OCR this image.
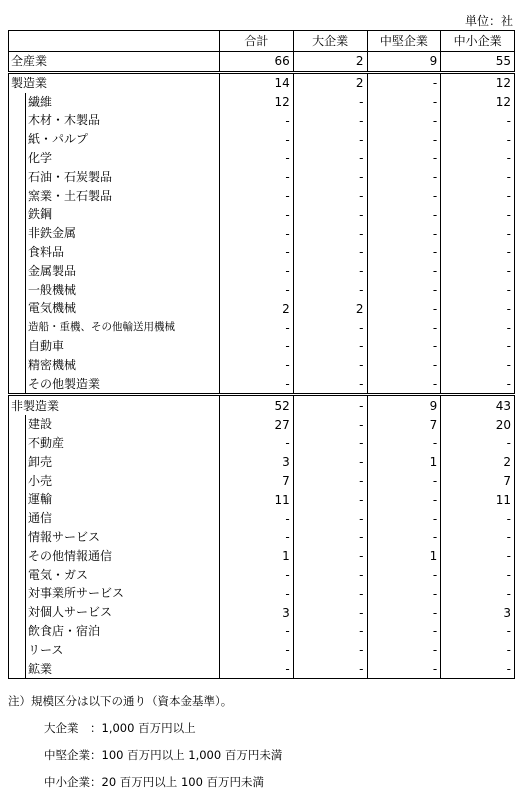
単位：社
	合計	大企業	中堅企業	中小企業
全産業	66	2	9	55
製造業	14	2	-	12

繊維	12	-	-	12

木材・木製品	-	-	-	-

紙・パルプ	-	-	-	-

化学	-	-	-	-

石油・石炭製品	-	-	-	-

窯業・土石製品	-	-	-	-

鉄鋼	-	-	-	-

非鉄金属	-	-	-	-

食料品	-	-	-	-

金属製品	-	-	-	-

一般機械	-	-	-	-

電気機械	2	2	-	-

造船・重機、その他輸送用機械	-	-	-	-

自動車	-	-	-	-

精密機械	-	-	-	-

その他製造業	-	-	-	-
非製造業	52	-	9	43

建設	27	-	7	20

不動産	-	-	-	-

卸売	3	-	1	2

小売	7	-	-	7

運輸	11	-	-	11

通信	-	-	-	-

情報サービス	-	-	-	-

その他情報通信	1	-	1	-

電気・ガス	-	-	-	-

対事業所サービス	-	-	-	-

対個人サービス	3	-	-	3

飲食店・宿泊	-	-	-	-

リース	-	-	-	-

鉱業	-	-	-	-
注）規模区分は以下の通り（資本金基準）。
大企業　：1,000 百万円以上
中堅企業：100 百万円以上 1,000 百万円未満
中小企業：20 百万円以上 100 百万円未満
